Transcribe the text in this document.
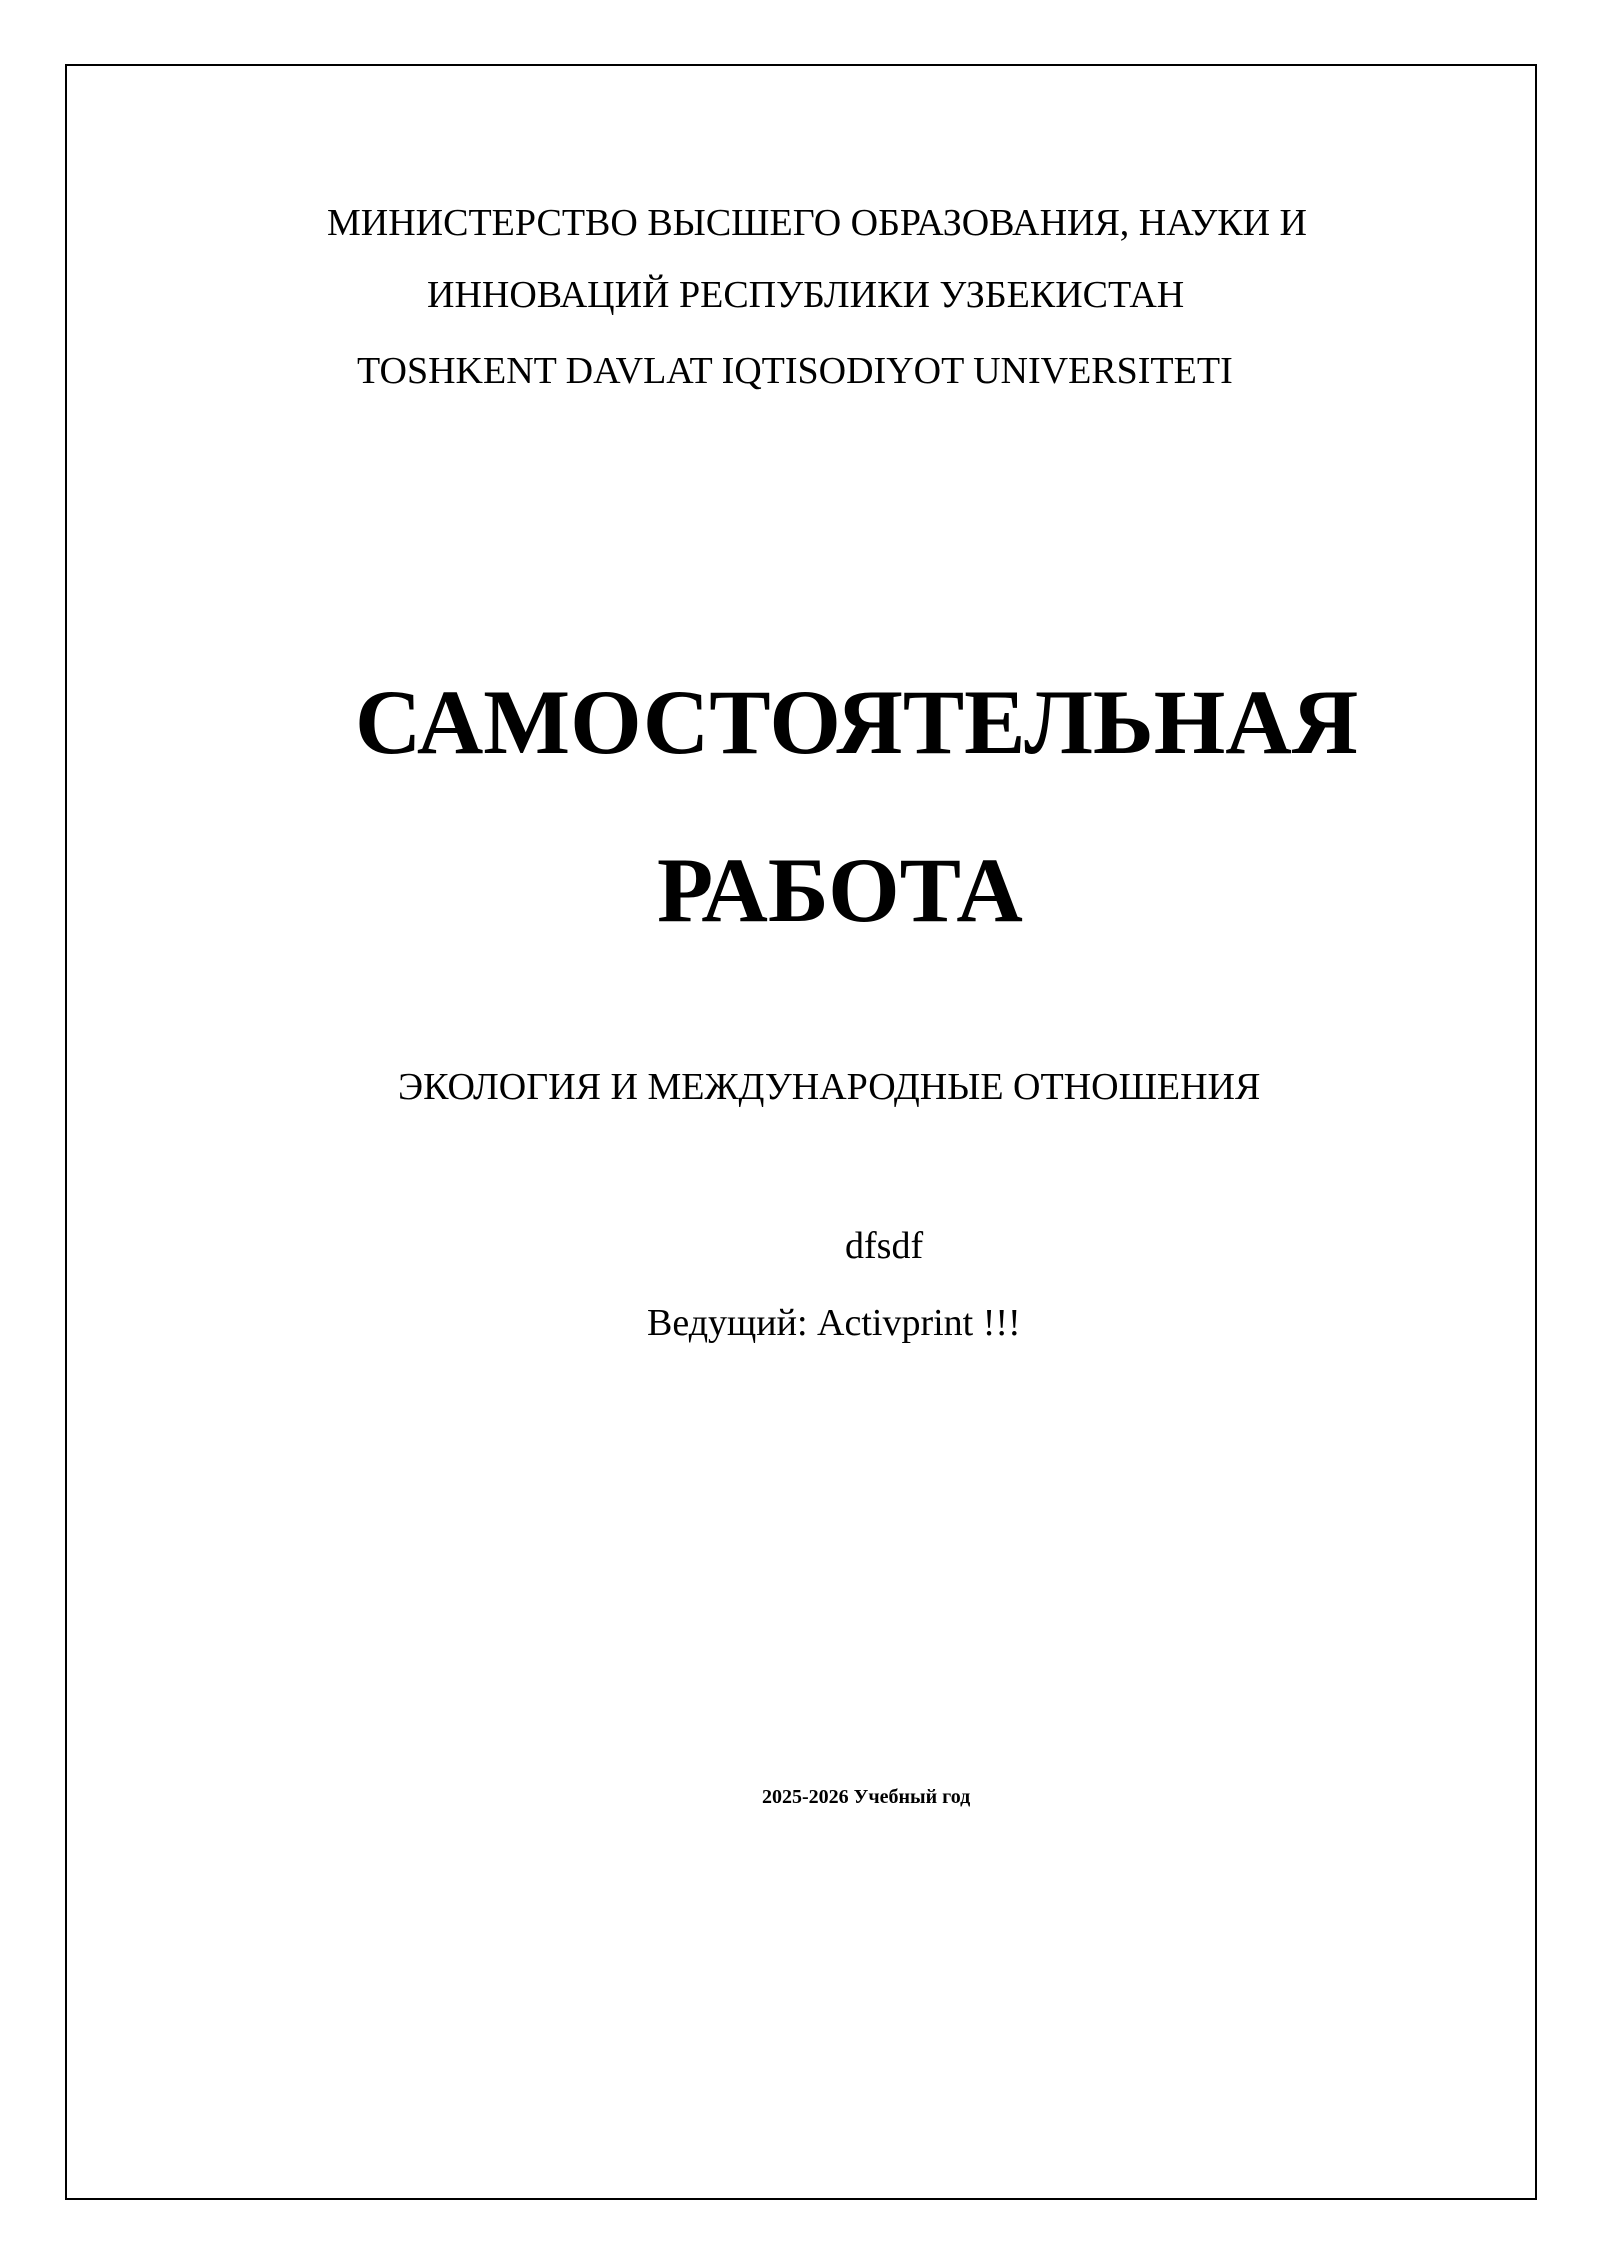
МИНИСТЕРСТВО ВЫСШЕГО ОБРАЗОВАНИЯ, НАУКИ И

ИННОВАЦИЙ РЕСПУБЛИКИ УЗБЕКИСТАН

TOSHKENT DAVLAT IQTISODIYOT UNIVERSITETI

САМОСТОЯТЕЛЬНАЯ
РАБОТА

ЭКОЛОГИЯ И МЕЖДУНАРОДНЫЕ ОТНОШЕНИЯ

dfsdf

Ведущий: Activprint !!!

2025-2026 Учебный год
